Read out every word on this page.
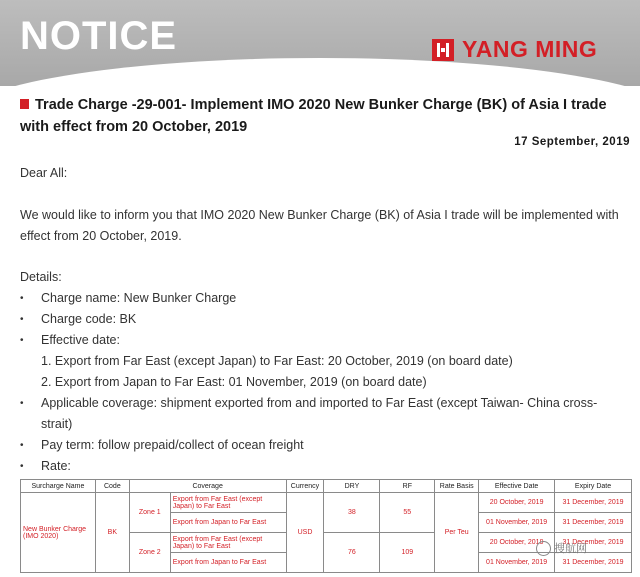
NOTICE	YANG MING
Trade Charge -29-001- Implement IMO 2020 New Bunker Charge (BK) of Asia I trade with effect from 20 October, 2019
17 September, 2019
Dear All:
We would like to inform you that IMO 2020 New Bunker Charge (BK) of Asia I trade will be implemented with effect from 20 October, 2019.
Details:
• Charge name: New Bunker Charge
• Charge code: BK
• Effective date:
1. Export from Far East (except Japan) to Far East: 20 October, 2019 (on board date)
2. Export from Japan to Far East: 01 November, 2019 (on board date)
• Applicable coverage: shipment exported from and imported to Far East (except Taiwan- China cross-strait)
• Pay term: follow prepaid/collect of ocean freight
• Rate:
Surcharge Name	Code	Coverage		Currency	DRY	RF	Rate Basis	Effective Date	Expiry Date
New Bunker Charge (IMO 2020)	BK	Zone 1	Export from Far East (except Japan) to Far East	USD	38	55	Per Teu	20 October, 2019	31 December, 2019
			Export from Japan to Far East					01 November, 2019	31 December, 2019
		Zone 2	Export from Far East (except Japan) to Far East		76	109		20 October, 2019	31 December, 2019
			Export from Japan to Far East					01 November, 2019	31 December, 2019
搜航网
